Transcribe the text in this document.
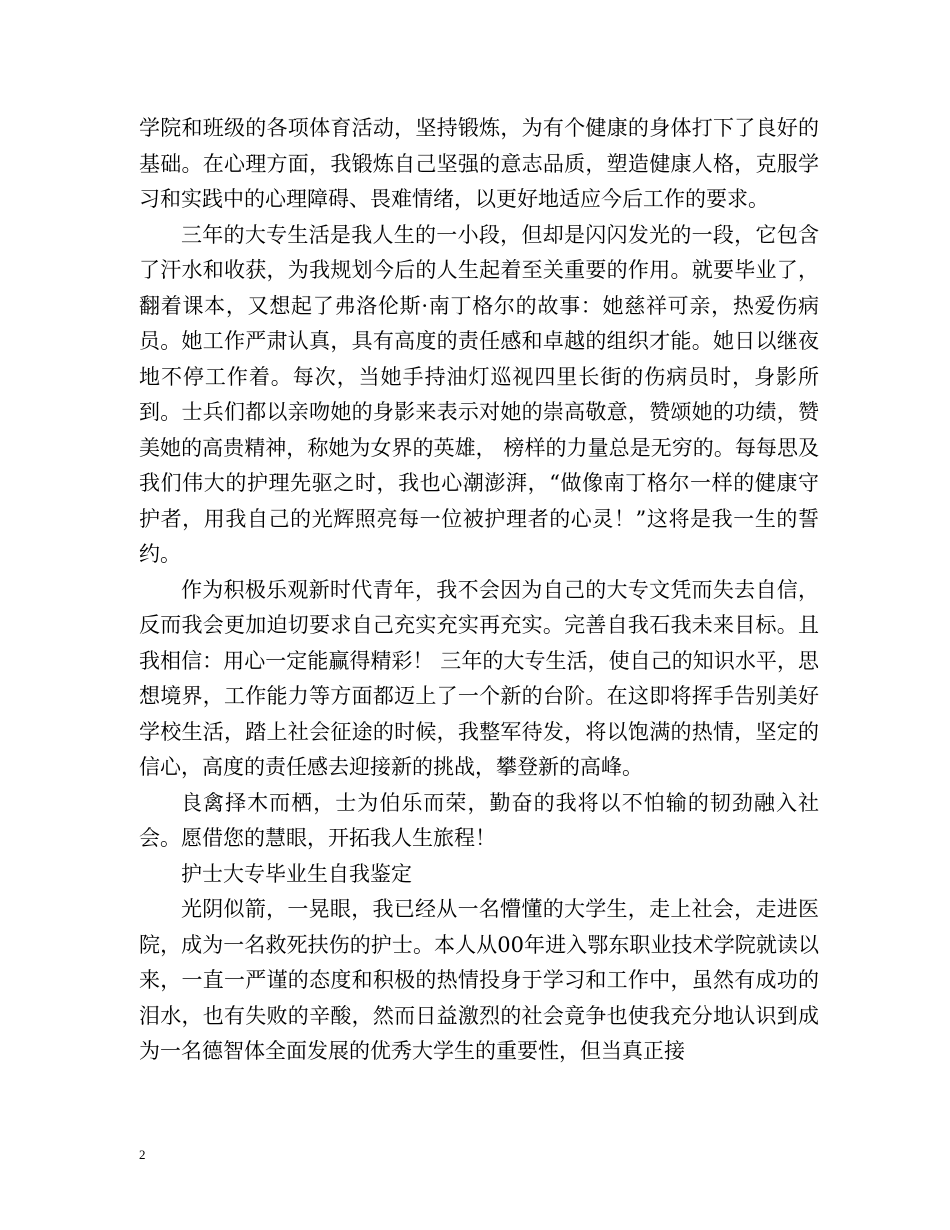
学院和班级的各项体育活动，坚持锻炼，为有个健康的身体打下了良好的基础。在心理方面，我锻炼自己坚强的意志品质，塑造健康人格，克服学习和实践中的心理障碍、畏难情绪，以更好地适应今后工作的要求。

三年的大专生活是我人生的一小段，但却是闪闪发光的一段，它包含了汗水和收获，为我规划今后的人生起着至关重要的作用。就要毕业了，翻着课本，又想起了弗洛伦斯·南丁格尔的故事：她慈祥可亲，热爱伤病员。她工作严肃认真，具有高度的责任感和卓越的组织才能。她日以继夜地不停工作着。每次，当她手持油灯巡视四里长街的伤病员时，身影所到。士兵们都以亲吻她的身影来表示对她的崇高敬意，赞颂她的功绩，赞美她的高贵精神，称她为女界的英雄， 榜样的力量总是无穷的。每每思及我们伟大的护理先驱之时，我也心潮澎湃，“做像南丁格尔一样的健康守护者，用我自己的光辉照亮每一位被护理者的心灵！”这将是我一生的誓约。

作为积极乐观新时代青年，我不会因为自己的大专文凭而失去自信，反而我会更加迫切要求自己充实充实再充实。完善自我石我未来目标。且我相信：用心一定能赢得精彩！ 三年的大专生活，使自己的知识水平，思想境界，工作能力等方面都迈上了一个新的台阶。在这即将挥手告别美好学校生活，踏上社会征途的时候，我整军待发，将以饱满的热情，坚定的信心，高度的责任感去迎接新的挑战，攀登新的高峰。

良禽择木而栖，士为伯乐而荣，勤奋的我将以不怕输的韧劲融入社会。愿借您的慧眼，开拓我人生旅程！

护士大专毕业生自我鉴定

光阴似箭，一晃眼，我已经从一名懵懂的大学生，走上社会，走进医院，成为一名救死扶伤的护士。本人从00年进入鄂东职业技术学院就读以来，一直一严谨的态度和积极的热情投身于学习和工作中，虽然有成功的泪水，也有失败的辛酸，然而日益激烈的社会竟争也使我充分地认识到成为一名德智体全面发展的优秀大学生的重要性，但当真正接

2
